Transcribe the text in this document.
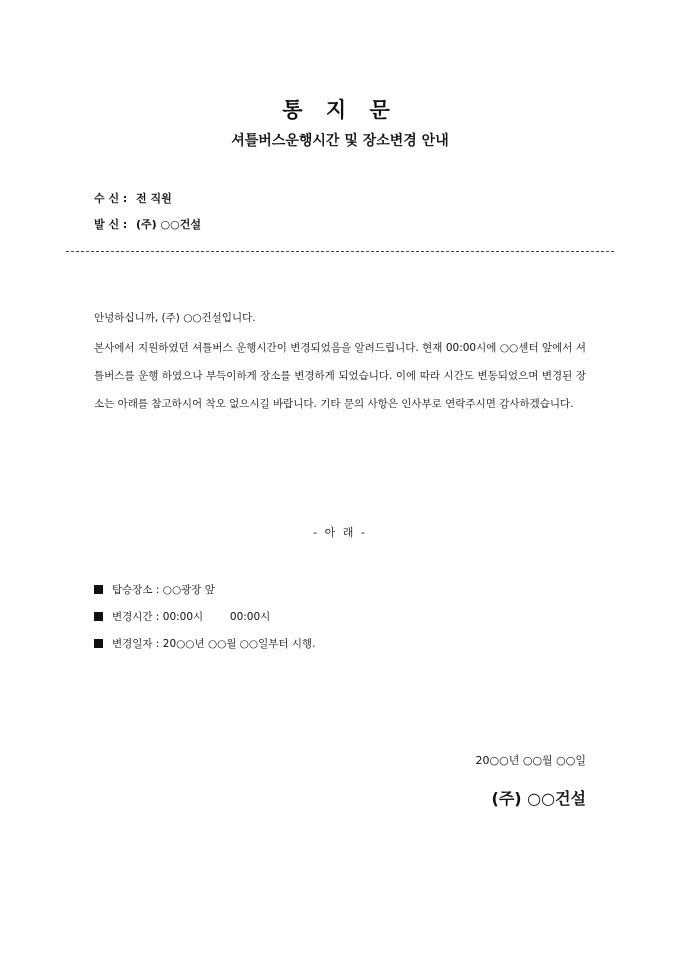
통 지 문
셔틀버스운행시간 및 장소변경 안내
수 신 : 전 직원
발 신 : (주) ○○건설

안녕하십니까, (주) ○○건설입니다.

본사에서 지원하였던 셔틀버스 운행시간이 변경되었음을 알려드립니다. 현재 00:00시에 ○○센터 앞에서 셔틀버스를 운행 하였으나 부득이하게 장소를 변경하게 되었습니다. 이에 따라 시간도 변동되었으며 변경된 장소는 아래를 참고하시어 착오 없으시길 바랍니다. 기타 문의 사항은 인사부로 연락주시면 감사하겠습니다.

- 아 래 -
탑승장소 : ○○광장 앞
변경시간 : 00:00시        00:00시
변경일자 : 20○○년 ○○월 ○○일부터 시행.
20○○년 ○○월 ○○일
(주) ○○건설
